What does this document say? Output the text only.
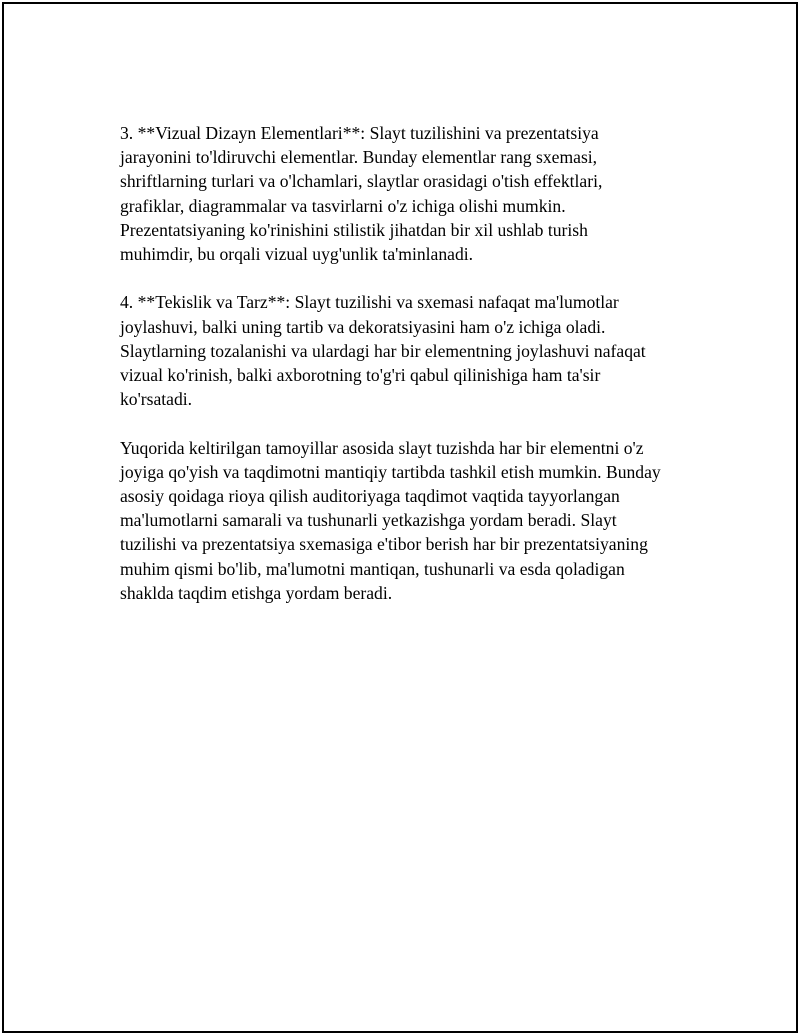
3. **Vizual Dizayn Elementlari**: Slayt tuzilishini va prezentatsiya
jarayonini to'ldiruvchi elementlar. Bunday elementlar rang sxemasi,
shriftlarning turlari va o'lchamlari, slaytlar orasidagi o'tish effektlari,
grafiklar, diagrammalar va tasvirlarni o'z ichiga olishi mumkin.
Prezentatsiyaning ko'rinishini stilistik jihatdan bir xil ushlab turish
muhimdir, bu orqali vizual uyg'unlik ta'minlanadi.

4. **Tekislik va Tarz**: Slayt tuzilishi va sxemasi nafaqat ma'lumotlar
joylashuvi, balki uning tartib va dekoratsiyasini ham o'z ichiga oladi.
Slaytlarning tozalanishi va ulardagi har bir elementning joylashuvi nafaqat
vizual ko'rinish, balki axborotning to'g'ri qabul qilinishiga ham ta'sir
ko'rsatadi.

Yuqorida keltirilgan tamoyillar asosida slayt tuzishda har bir elementni o'z
joyiga qo'yish va taqdimotni mantiqiy tartibda tashkil etish mumkin. Bunday
asosiy qoidaga rioya qilish auditoriyaga taqdimot vaqtida tayyorlangan
ma'lumotlarni samarali va tushunarli yetkazishga yordam beradi. Slayt
tuzilishi va prezentatsiya sxemasiga e'tibor berish har bir prezentatsiyaning
muhim qismi bo'lib, ma'lumotni mantiqan, tushunarli va esda qoladigan
shaklda taqdim etishga yordam beradi.
